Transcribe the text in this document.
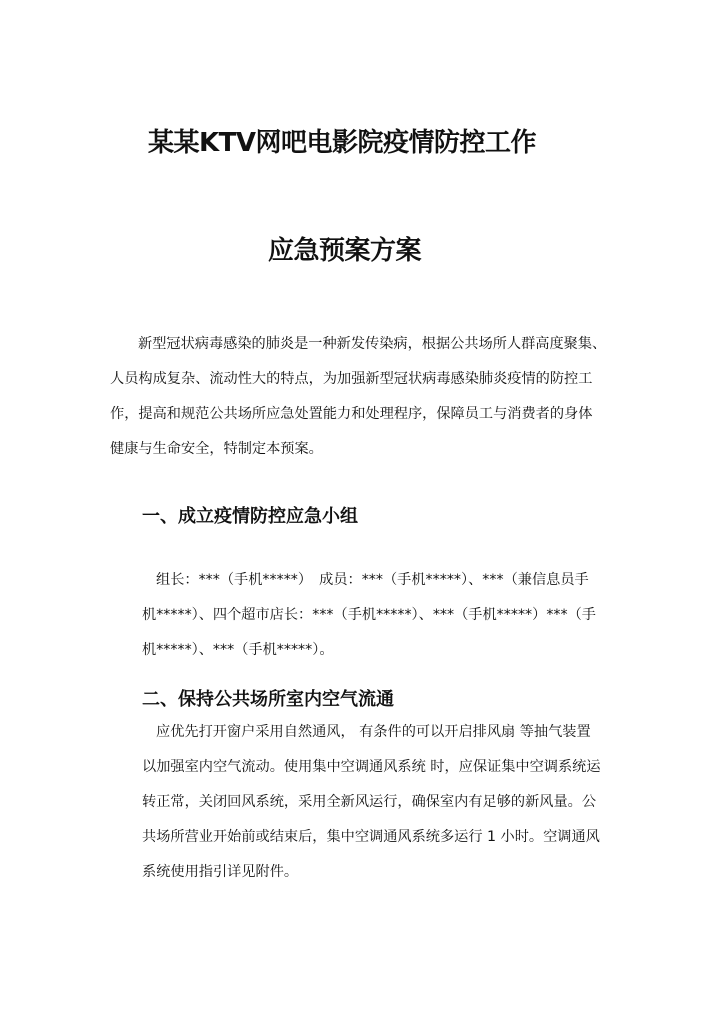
某某KTV网吧电影院疫情防控工作
应急预案方案
新型冠状病毒感染的肺炎是一种新发传染病，根据公共场所人群高度聚集、
人员构成复杂、流动性大的特点，为加强新型冠状病毒感染肺炎疫情的防控工
作，提高和规范公共场所应急处置能力和处理程序，保障员工与消费者的身体
健康与生命安全，特制定本预案。
一、成立疫情防控应急小组
组长：***（手机*****）　成员：***（手机*****）、***（兼信息员手
机*****）、四个超市店长：***（手机*****）、***（手机*****）***（手
机*****）、***（手机*****）。
二、保持公共场所室内空气流通
应优先打开窗户采用自然通风， 有条件的可以开启排风扇 等抽气装置
以加强室内空气流动。使用集中空调通风系统 时，应保证集中空调系统运
转正常，关闭回风系统，采用全新风运行，确保室内有足够的新风量。公
共场所营业开始前或结束后，集中空调通风系统多运行 1 小时。空调通风
系统使用指引详见附件。
